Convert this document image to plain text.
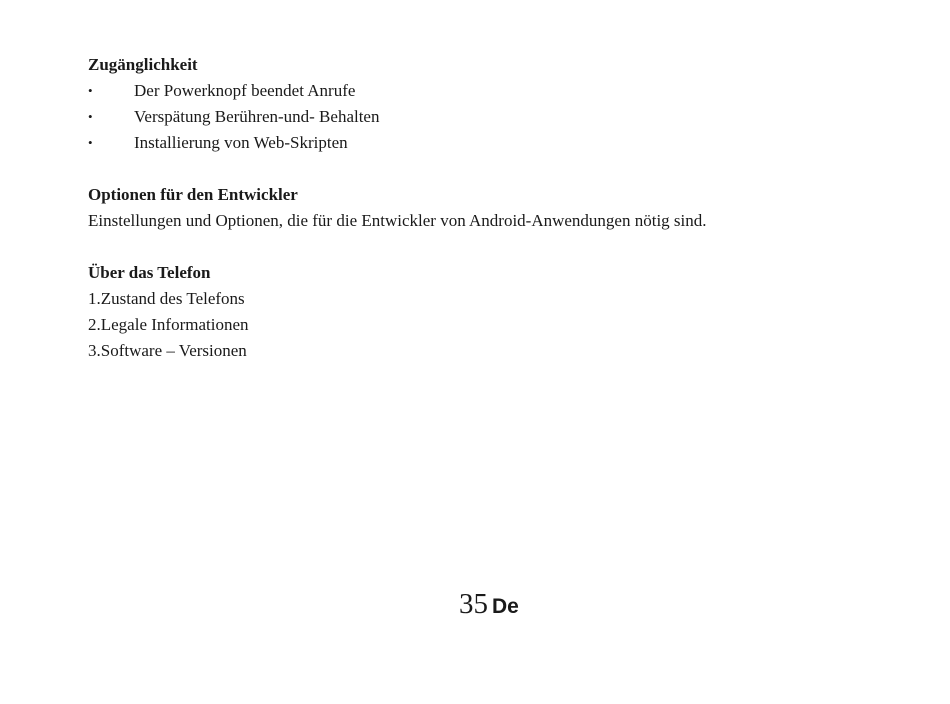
Zugänglichkeit
•	Der Powerknopf beendet Anrufe
•	Verspätung Berühren-und- Behalten
•	Installierung von Web-Skripten
Optionen für den Entwickler
Einstellungen und Optionen, die für die Entwickler von Android-Anwendungen nötig sind.
Über das Telefon
1.Zustand des Telefons
2.Legale Informationen
3.Software – Versionen
35 De
